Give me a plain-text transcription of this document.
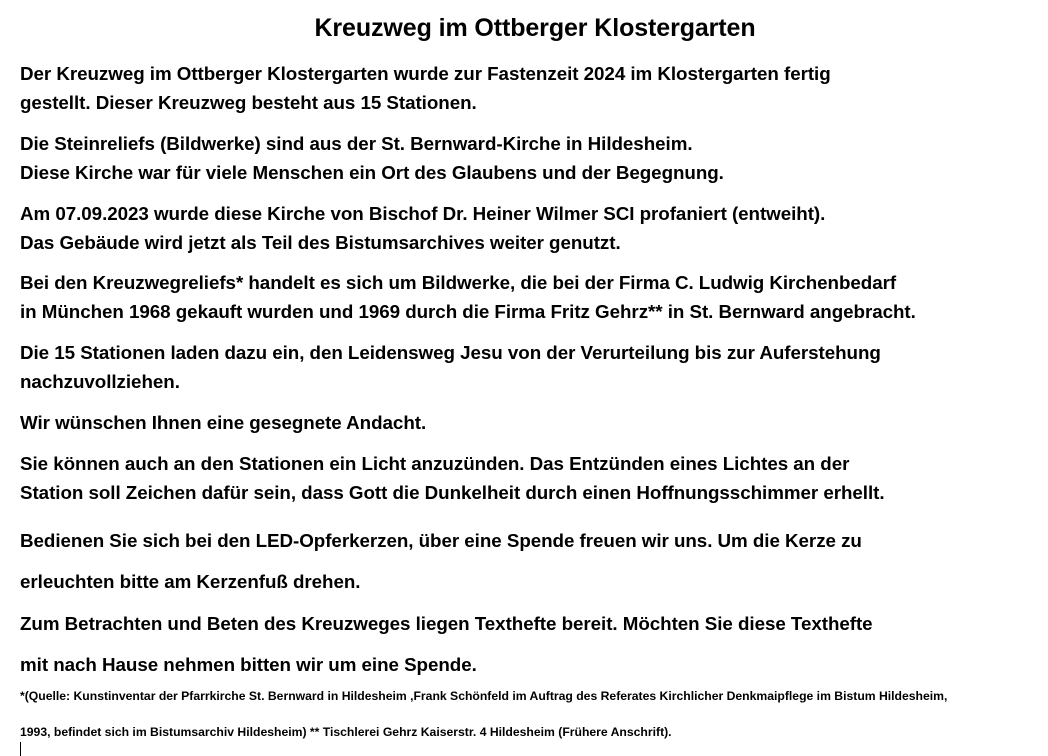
Kreuzweg im Ottberger Klostergarten
Der Kreuzweg im Ottberger Klostergarten wurde zur Fastenzeit 2024 im Klostergarten fertig
gestellt. Dieser Kreuzweg besteht aus 15 Stationen.
Die Steinreliefs (Bildwerke) sind aus der St. Bernward-Kirche in Hildesheim.
Diese Kirche war für viele Menschen ein Ort des Glaubens und der Begegnung.
Am 07.09.2023 wurde diese Kirche von Bischof Dr. Heiner Wilmer SCI profaniert (entweiht).
Das Gebäude wird jetzt als Teil des Bistumsarchives weiter genutzt.
Bei den Kreuzwegreliefs* handelt es sich um Bildwerke, die bei der Firma C. Ludwig Kirchenbedarf
in München 1968 gekauft wurden und 1969 durch die Firma Fritz Gehrz** in St. Bernward angebracht.
Die 15 Stationen laden dazu ein, den Leidensweg Jesu von der Verurteilung bis zur Auferstehung
nachzuvollziehen.
Wir wünschen Ihnen eine gesegnete Andacht.
Sie können auch an den Stationen ein Licht anzuzünden. Das Entzünden eines Lichtes an der
Station soll Zeichen dafür sein, dass Gott die Dunkelheit durch einen Hoffnungsschimmer erhellt.
Bedienen Sie sich bei den LED-Opferkerzen, über eine Spende freuen wir uns. Um die Kerze zu
erleuchten bitte am Kerzenfuß drehen.
Zum Betrachten und Beten des Kreuzweges liegen Texthefte bereit. Möchten Sie diese Texthefte
mit nach Hause nehmen bitten wir um eine Spende.
*(Quelle: Kunstinventar der Pfarrkirche St. Bernward in Hildesheim ,Frank Schönfeld im Auftrag des Referates Kirchlicher Denkmaipflege im Bistum Hildesheim,
1993, befindet sich im Bistumsarchiv Hildesheim) ** Tischlerei Gehrz Kaiserstr. 4 Hildesheim (Frühere Anschrift).
